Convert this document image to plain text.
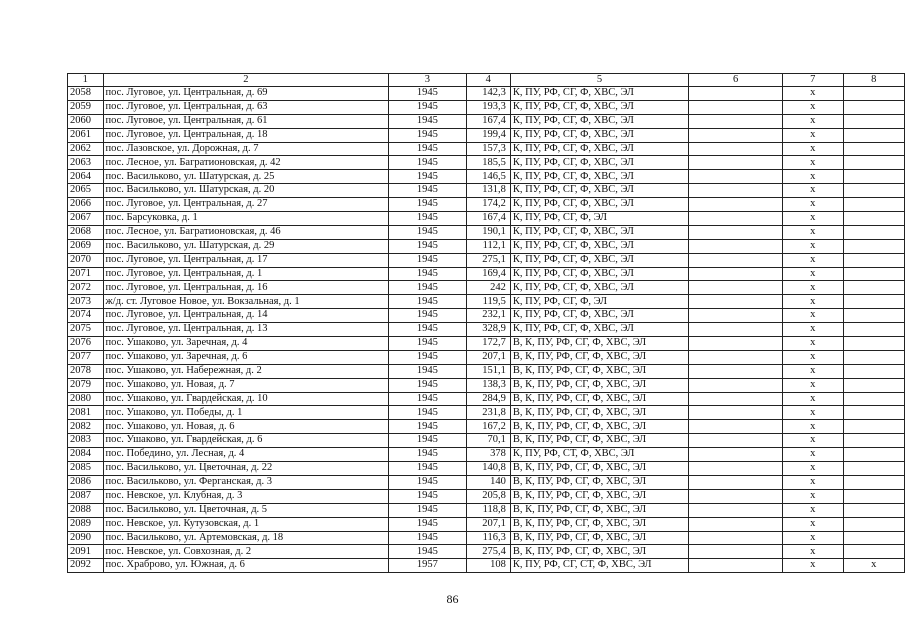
1	2	3	4	5	6	7	8
2058	пос. Луговое, ул. Центральная, д. 69	1945	142,3	К, ПУ, РФ, СГ, Ф, ХВС, ЭЛ		х	
2059	пос. Луговое, ул. Центральная, д. 63	1945	193,3	К, ПУ, РФ, СГ, Ф, ХВС, ЭЛ		х	
2060	пос. Луговое, ул. Центральная, д. 61	1945	167,4	К, ПУ, РФ, СГ, Ф, ХВС, ЭЛ		х	
2061	пос. Луговое, ул. Центральная, д. 18	1945	199,4	К, ПУ, РФ, СГ, Ф, ХВС, ЭЛ		х	
2062	пос. Лазовское, ул. Дорожная, д. 7	1945	157,3	К, ПУ, РФ, СГ, Ф, ХВС, ЭЛ		х	
2063	пос. Лесное, ул. Багратионовская, д. 42	1945	185,5	К, ПУ, РФ, СГ, Ф, ХВС, ЭЛ		х	
2064	пос. Васильково, ул. Шатурская, д. 25	1945	146,5	К, ПУ, РФ, СГ, Ф, ХВС, ЭЛ		х	
2065	пос. Васильково, ул. Шатурская, д. 20	1945	131,8	К, ПУ, РФ, СГ, Ф, ХВС, ЭЛ		х	
2066	пос. Луговое, ул. Центральная, д. 27	1945	174,2	К, ПУ, РФ, СГ, Ф, ХВС, ЭЛ		х	
2067	пос. Барсуковка, д. 1	1945	167,4	К, ПУ, РФ, СГ, Ф, ЭЛ		х	
2068	пос. Лесное, ул. Багратионовская, д. 46	1945	190,1	К, ПУ, РФ, СГ, Ф, ХВС, ЭЛ		х	
2069	пос. Васильково, ул. Шатурская, д. 29	1945	112,1	К, ПУ, РФ, СГ, Ф, ХВС, ЭЛ		х	
2070	пос. Луговое, ул. Центральная, д. 17	1945	275,1	К, ПУ, РФ, СГ, Ф, ХВС, ЭЛ		х	
2071	пос. Луговое, ул. Центральная, д. 1	1945	169,4	К, ПУ, РФ, СГ, Ф, ХВС, ЭЛ		х	
2072	пос. Луговое, ул. Центральная, д. 16	1945	242	К, ПУ, РФ, СГ, Ф, ХВС, ЭЛ		х	
2073	ж/д. ст. Луговое Новое, ул. Вокзальная, д. 1	1945	119,5	К, ПУ, РФ, СГ, Ф, ЭЛ		х	
2074	пос. Луговое, ул. Центральная, д. 14	1945	232,1	К, ПУ, РФ, СГ, Ф, ХВС, ЭЛ		х	
2075	пос. Луговое, ул. Центральная, д. 13	1945	328,9	К, ПУ, РФ, СГ, Ф, ХВС, ЭЛ		х	
2076	пос. Ушаково, ул. Заречная, д. 4	1945	172,7	В, К, ПУ, РФ, СГ, Ф, ХВС, ЭЛ		х	
2077	пос. Ушаково, ул. Заречная, д. 6	1945	207,1	В, К, ПУ, РФ, СГ, Ф, ХВС, ЭЛ		х	
2078	пос. Ушаково, ул. Набережная, д. 2	1945	151,1	В, К, ПУ, РФ, СГ, Ф, ХВС, ЭЛ		х	
2079	пос. Ушаково, ул. Новая, д. 7	1945	138,3	В, К, ПУ, РФ, СГ, Ф, ХВС, ЭЛ		х	
2080	пос. Ушаково, ул. Гвардейская, д. 10	1945	284,9	В, К, ПУ, РФ, СГ, Ф, ХВС, ЭЛ		х	
2081	пос. Ушаково, ул. Победы, д. 1	1945	231,8	В, К, ПУ, РФ, СГ, Ф, ХВС, ЭЛ		х	
2082	пос. Ушаково, ул. Новая, д. 6	1945	167,2	В, К, ПУ, РФ, СГ, Ф, ХВС, ЭЛ		х	
2083	пос. Ушаково, ул. Гвардейская, д. 6	1945	70,1	В, К, ПУ, РФ, СГ, Ф, ХВС, ЭЛ		х	
2084	пос. Победино, ул. Лесная, д. 4	1945	378	К, ПУ, РФ, СТ, Ф, ХВС, ЭЛ		х	
2085	пос. Васильково, ул. Цветочная, д. 22	1945	140,8	В, К, ПУ, РФ, СГ, Ф, ХВС, ЭЛ		х	
2086	пос. Васильково, ул. Ферганская, д. 3	1945	140	В, К, ПУ, РФ, СГ, Ф, ХВС, ЭЛ		х	
2087	пос. Невское, ул. Клубная, д. 3	1945	205,8	В, К, ПУ, РФ, СГ, Ф, ХВС, ЭЛ		х	
2088	пос. Васильково, ул. Цветочная, д. 5	1945	118,8	В, К, ПУ, РФ, СГ, Ф, ХВС, ЭЛ		х	
2089	пос. Невское, ул. Кутузовская, д. 1	1945	207,1	В, К, ПУ, РФ, СГ, Ф, ХВС, ЭЛ		х	
2090	пос. Васильково, ул. Артемовская, д. 18	1945	116,3	В, К, ПУ, РФ, СГ, Ф, ХВС, ЭЛ		х	
2091	пос. Невское, ул. Совхозная, д. 2	1945	275,4	В, К, ПУ, РФ, СГ, Ф, ХВС, ЭЛ		х	
2092	пос. Храброво, ул. Южная, д. 6	1957	108	К, ПУ, РФ, СГ, СТ, Ф, ХВС, ЭЛ		х	х
86
